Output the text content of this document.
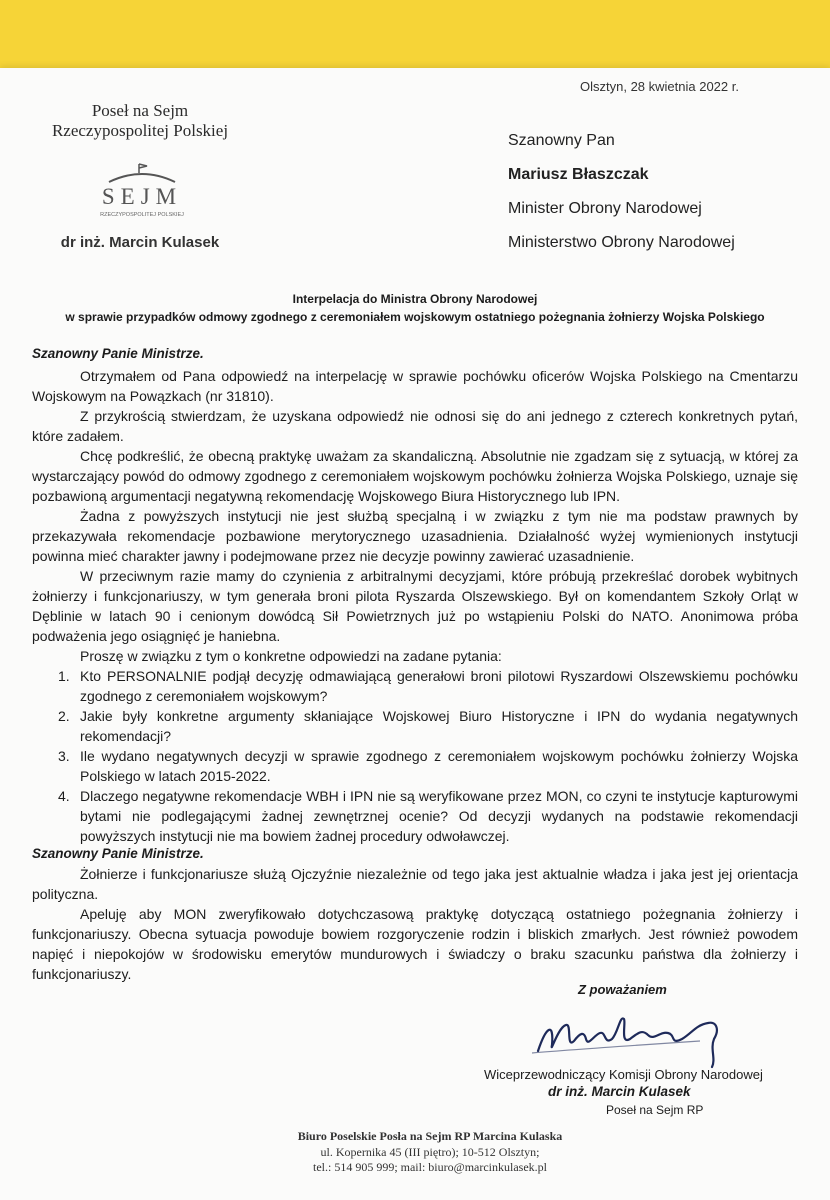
Olsztyn, 28 kwietnia 2022 r.
Poseł na Sejm
Rzeczypospolitej Polskiej
SEJM
RZECZYPOSPOLITEJ POLSKIEJ
dr inż. Marcin Kulasek
Szanowny Pan
Mariusz Błaszczak
Minister Obrony Narodowej
Ministerstwo Obrony Narodowej
Interpelacja do Ministra Obrony Narodowej
w sprawie przypadków odmowy zgodnego z ceremoniałem wojskowym ostatniego pożegnania żołnierzy Wojska Polskiego
Szanowny Panie Ministrze.

Otrzymałem od Pana odpowiedź na interpelację w sprawie pochówku oficerów Wojska Polskiego na Cmentarzu Wojskowym na Powązkach (nr 31810).

Z przykrością stwierdzam, że uzyskana odpowiedź nie odnosi się do ani jednego z czterech konkretnych pytań, które zadałem.

Chcę podkreślić, że obecną praktykę uważam za skandaliczną. Absolutnie nie zgadzam się z sytuacją, w której za wystarczający powód do odmowy zgodnego z ceremoniałem wojskowym pochówku żołnierza Wojska Polskiego, uznaje się pozbawioną argumentacji negatywną rekomendację Wojskowego Biura Historycznego lub IPN.

Żadna z powyższych instytucji nie jest służbą specjalną i w związku z tym nie ma podstaw prawnych by przekazywała rekomendacje pozbawione merytorycznego uzasadnienia. Działalność wyżej wymienionych instytucji powinna mieć charakter jawny i podejmowane przez nie decyzje powinny zawierać uzasadnienie.

W przeciwnym razie mamy do czynienia z arbitralnymi decyzjami, które próbują przekreślać dorobek wybitnych żołnierzy i funkcjonariuszy, w tym generała broni pilota Ryszarda Olszewskiego. Był on komendantem Szkoły Orląt w Dęblinie w latach 90 i cenionym dowódcą Sił Powietrznych już po wstąpieniu Polski do NATO. Anonimowa próba podważenia jego osiągnięć je haniebna.

Proszę w związku z tym o konkretne odpowiedzi na zadane pytania:

1. Kto PERSONALNIE podjął decyzję odmawiającą generałowi broni pilotowi Ryszardowi Olszewskiemu pochówku zgodnego z ceremoniałem wojskowym?
2. Jakie były konkretne argumenty skłaniające Wojskowej Biuro Historyczne i IPN do wydania negatywnych rekomendacji?
3. Ile wydano negatywnych decyzji w sprawie zgodnego z ceremoniałem wojskowym pochówku żołnierzy Wojska Polskiego w latach 2015-2022.
4. Dlaczego negatywne rekomendacje WBH i IPN nie są weryfikowane przez MON, co czyni te instytucje kapturowymi bytami nie podlegającymi żadnej zewnętrznej ocenie? Od decyzji wydanych na podstawie rekomendacji powyższych instytucji nie ma bowiem żadnej procedury odwoławczej.
Szanowny Panie Ministrze.

Żołnierze i funkcjonariusze służą Ojczyźnie niezależnie od tego jaka jest aktualnie władza i jaka jest jej orientacja polityczna.

Apeluję aby MON zweryfikowało dotychczasową praktykę dotyczącą ostatniego pożegnania żołnierzy i funkcjonariuszy. Obecna sytuacja powoduje bowiem rozgoryczenie rodzin i bliskich zmarłych. Jest również powodem napięć i niepokojów w środowisku emerytów mundurowych i świadczy o braku szacunku państwa dla żołnierzy i funkcjonariuszy.

Z poważaniem
Wiceprzewodniczący Komisji Obrony Narodowej
dr inż. Marcin Kulasek
Poseł na Sejm RP
Biuro Poselskie Posła na Sejm RP Marcina Kulaska
ul. Kopernika 45 (III piętro); 10-512 Olsztyn;
tel.: 514 905 999; mail: biuro@marcinkulasek.pl
